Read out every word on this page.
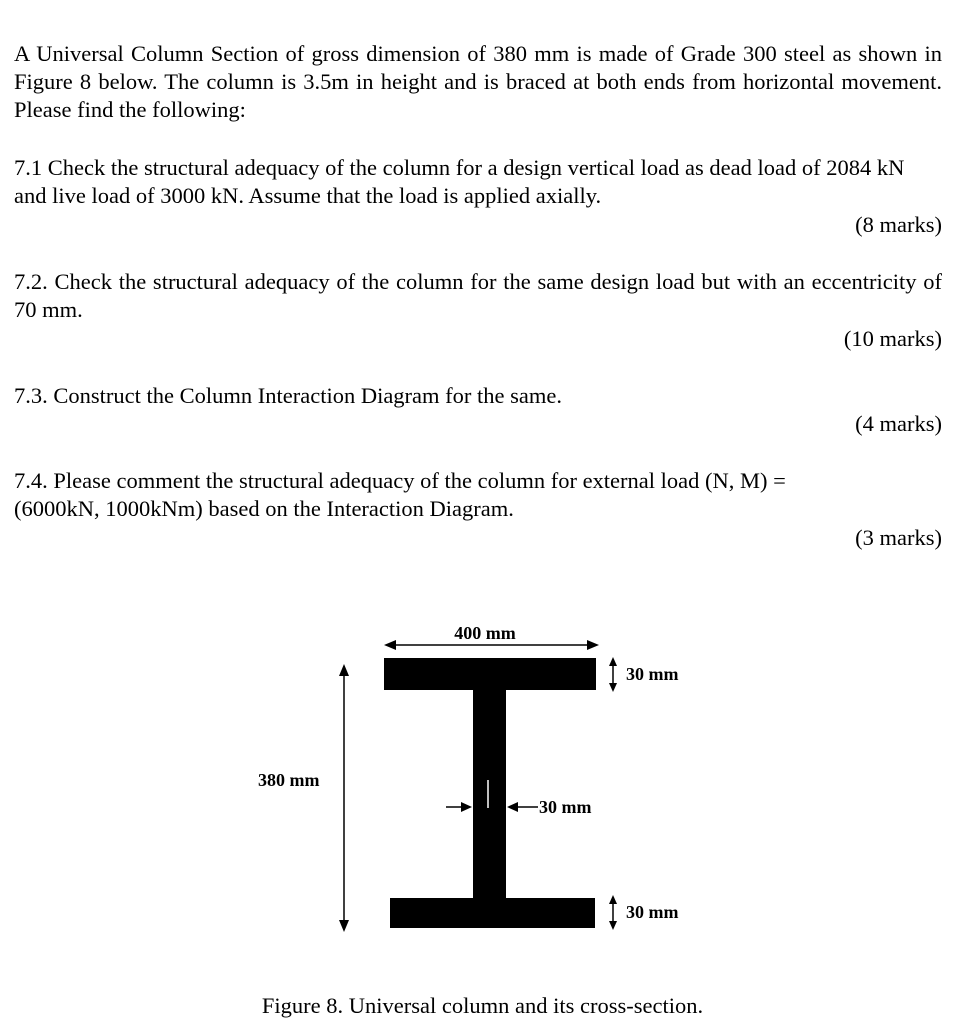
A Universal Column Section of gross dimension of 380 mm is made of Grade 300 steel as shown in Figure 8 below. The column is 3.5m in height and is braced at both ends from horizontal movement. Please find the following:
7.1 Check the structural adequacy of the column for a design vertical load as dead load of 2084 kN and live load of 3000 kN. Assume that the load is applied axially.
(8 marks)
7.2. Check the structural adequacy of the column for the same design load but with an eccentricity of 70 mm.
(10 marks)
7.3. Construct the Column Interaction Diagram for the same.
(4 marks)
7.4. Please comment the structural adequacy of the column for external load (N, M) = (6000kN, 1000kNm) based on the Interaction Diagram.
(3 marks)
400 mm
380 mm
30 mm
30 mm
30 mm
Figure 8. Universal column and its cross-section.
